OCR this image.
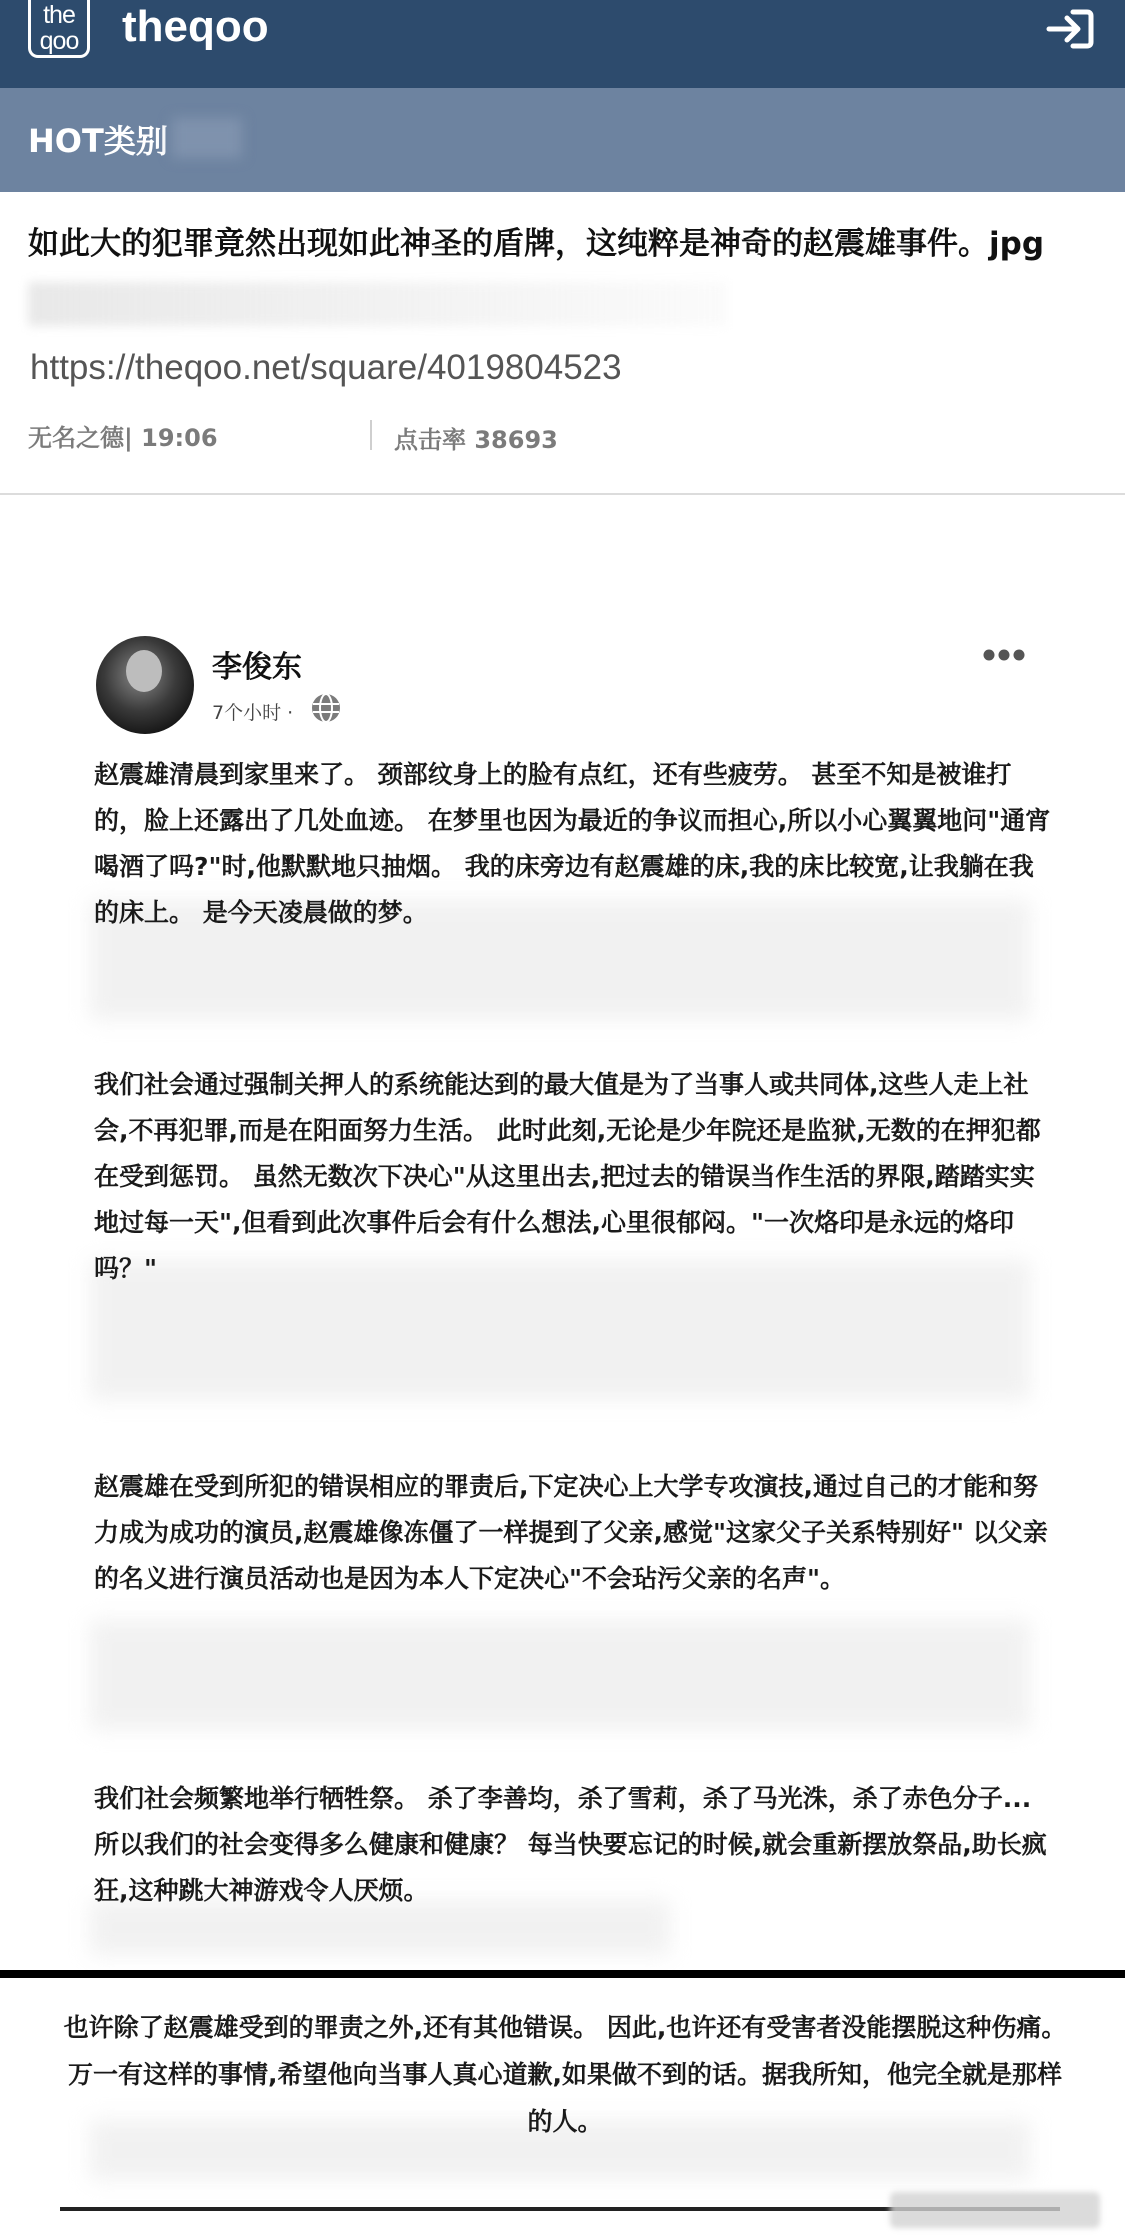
the qoo theqoo
HOT类别
如此大的犯罪竟然出现如此神圣的盾牌，这纯粹是神奇的赵震雄事件。jpg
https://theqoo.net/square/4019804523
无名之德| 19:06	点击率 38693
李俊东
7个小时 ·
赵震雄清晨到家里来了。 颈部纹身上的脸有点红，还有些疲劳。 甚至不知是被谁打的，脸上还露出了几处血迹。 在梦里也因为最近的争议而担心,所以小心翼翼地问"通宵喝酒了吗?"时,他默默地只抽烟。 我的床旁边有赵震雄的床,我的床比较宽,让我躺在我的床上。 是今天凌晨做的梦。
我们社会通过强制关押人的系统能达到的最大值是为了当事人或共同体,这些人走上社会,不再犯罪,而是在阳面努力生活。 此时此刻,无论是少年院还是监狱,无数的在押犯都在受到惩罚。 虽然无数次下决心"从这里出去,把过去的错误当作生活的界限,踏踏实实地过每一天",但看到此次事件后会有什么想法,心里很郁闷。"一次烙印是永远的烙印吗？"
赵震雄在受到所犯的错误相应的罪责后,下定决心上大学专攻演技,通过自己的才能和努力成为成功的演员,赵震雄像冻僵了一样提到了父亲,感觉"这家父子关系特别好" 以父亲的名义进行演员活动也是因为本人下定决心"不会玷污父亲的名声"。
我们社会频繁地举行牺牲祭。 杀了李善均，杀了雪莉，杀了马光洙，杀了赤色分子... 所以我们的社会变得多么健康和健康？ 每当快要忘记的时候,就会重新摆放祭品,助长疯狂,这种跳大神游戏令人厌烦。
也许除了赵震雄受到的罪责之外,还有其他错误。 因此,也许还有受害者没能摆脱这种伤痛。 万一有这样的事情,希望他向当事人真心道歉,如果做不到的话。据我所知，他完全就是那样的人。
